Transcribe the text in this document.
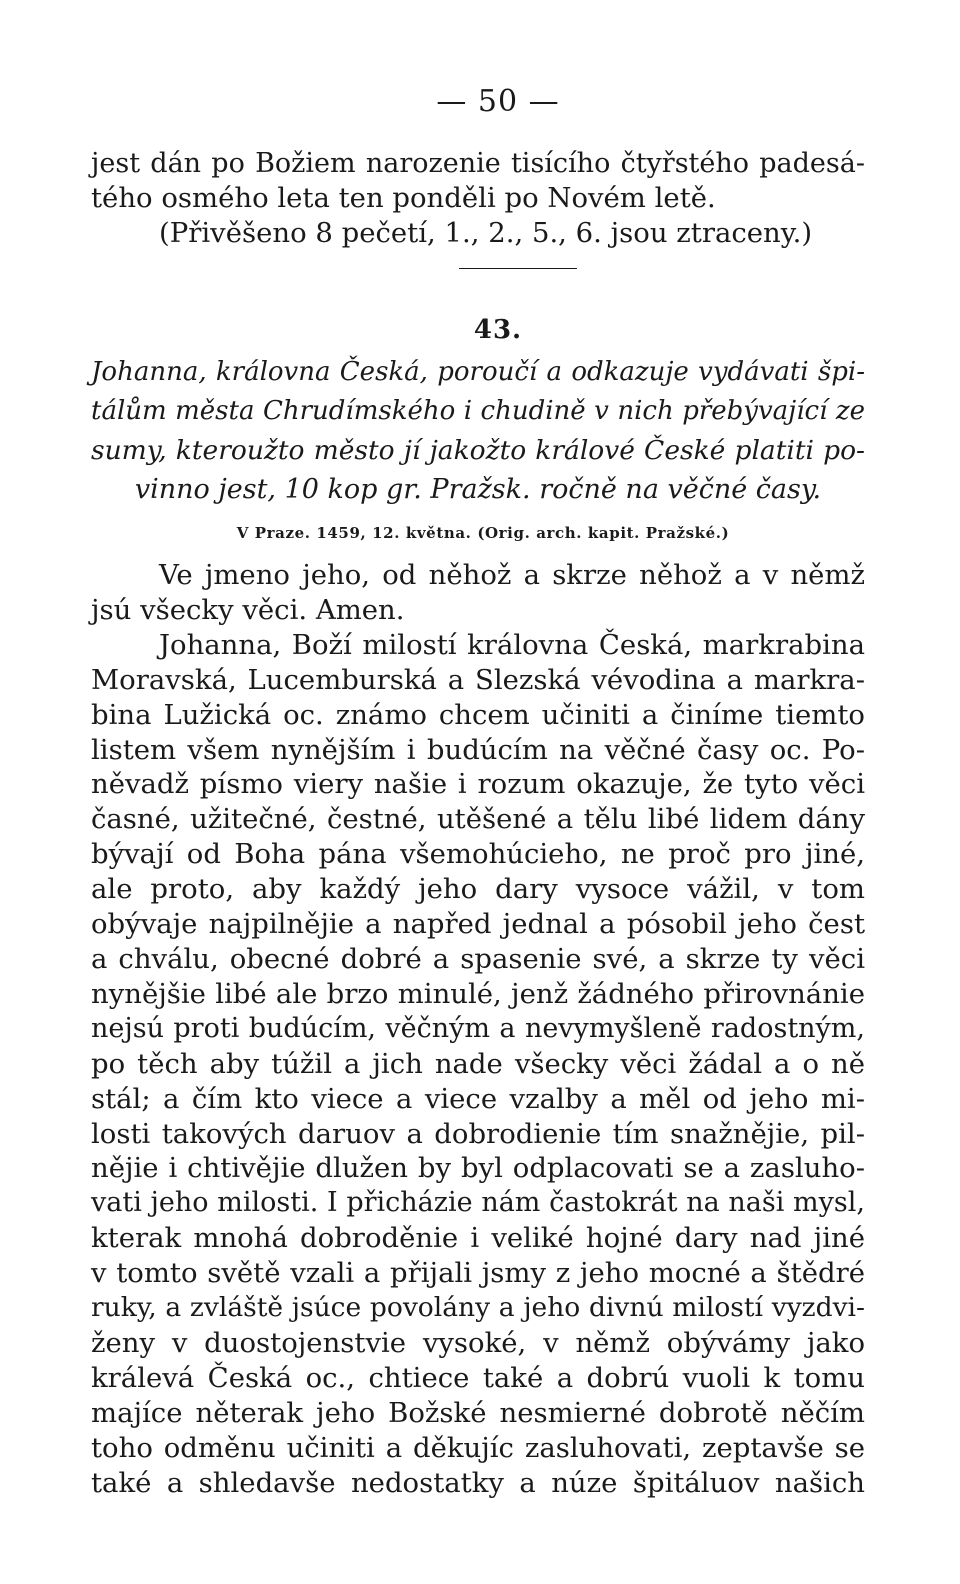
— 50 —
jest dán po Božiem narozenie tisícího čtyřstého padesá-
tého osmého leta ten ponděli po Novém letě.
(Přivěšeno 8 pečetí, 1., 2., 5., 6. jsou ztraceny.)
43.
Johanna, královna Česká, poroučí a odkazuje vydávati špi-
tálům města Chrudímského i chudině v nich přebývající ze
sumy, kteroužto město jí jakožto králové České platiti po-
vinno jest, 10 kop gr. Pražsk. ročně na věčné časy.
V Praze. 1459, 12. května. (Orig. arch. kapit. Pražské.)
Ve jmeno jeho, od něhož a skrze něhož a v němž
jsú všecky věci. Amen.
Johanna, Boží milostí královna Česká, markrabina
Moravská, Lucemburská a Slezská vévodina a markra-
bina Lužická oc. známo chcem učiniti a činíme tiemto
listem všem nynějším i budúcím na věčné časy oc. Po-
něvadž písmo viery našie i rozum okazuje, že tyto věci
časné, užitečné, čestné, utěšené a tělu libé lidem dány
bývají od Boha pána všemohúcieho, ne proč pro jiné,
ale proto, aby každý jeho dary vysoce vážil, v tom
obývaje najpilnějie a napřed jednal a pósobil jeho čest
a chválu, obecné dobré a spasenie své, a skrze ty věci
nynějšie libé ale brzo minulé, jenž žádného přirovnánie
nejsú proti budúcím, věčným a nevymyšleně radostným,
po těch aby túžil a jich nade všecky věci žádal a o ně
stál; a čím kto viece a viece vzalby a měl od jeho mi-
losti takových daruov a dobrodienie tím snažnějie, pil-
nějie i chtivějie dlužen by byl odplacovati se a zasluho-
vati jeho milosti. I přicházie nám častokrát na naši mysl,
kterak mnohá dobroděnie i veliké hojné dary nad jiné
v tomto světě vzali a přijali jsmy z jeho mocné a štědré
ruky, a zvláště jsúce povolány a jeho divnú milostí vyzdvi-
ženy v duostojenstvie vysoké, v němž obývámy jako
králevá Česká oc., chtiece také a dobrú vuoli k tomu
majíce něterak jeho Božské nesmierné dobrotě něčím
toho odměnu učiniti a děkujíc zasluhovati, zeptavše se
také a shledavše nedostatky a núze špitáluov našich
